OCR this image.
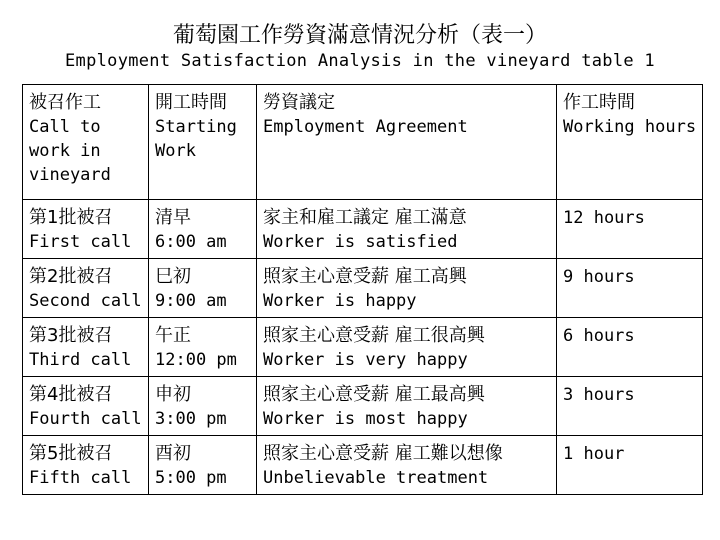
葡萄園工作勞資滿意情況分析（表一）
Employment Satisfaction Analysis in the vineyard table 1
被召作工
Call to
work in
vineyard	開工時間
Starting
Work	勞資議定
Employment Agreement	作工時間
Working hours

第1批被召
First call	清早
6:00 am	家主和雇工議定 雇工滿意
Worker is satisfied	12 hours

第2批被召
Second call	巳初
9:00 am	照家主心意受薪 雇工高興
Worker is happy	9 hours

第3批被召
Third call	午正
12:00 pm	照家主心意受薪 雇工很高興
Worker is very happy	6 hours

第4批被召
Fourth call	申初
3:00 pm	照家主心意受薪 雇工最高興
Worker is most happy	3 hours

第5批被召
Fifth call	酉初
5:00 pm	照家主心意受薪 雇工難以想像
Unbelievable treatment	1 hour
